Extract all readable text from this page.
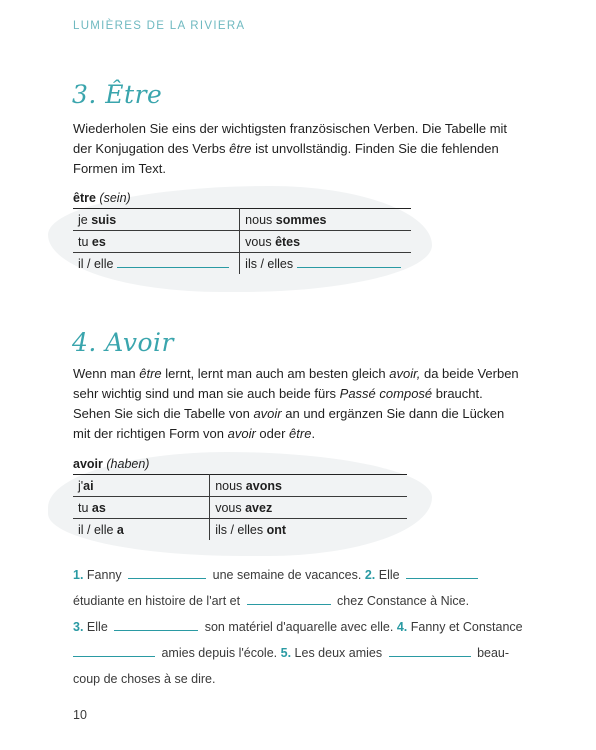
LUMIÈRES DE LA RIVIERA
3. Être
Wiederholen Sie eins der wichtigsten französischen Verben. Die Tabelle mit
der Konjugation des Verbs être ist unvollständig. Finden Sie die fehlenden
Formen im Text.
être (sein)
je suis	nous sommes
tu es	vous êtes
il / elle	ils / elles
4. Avoir
Wenn man être lernt, lernt man auch am besten gleich avoir, da beide Verben
sehr wichtig sind und man sie auch beide fürs Passé composé braucht.
Sehen Sie sich die Tabelle von avoir an und ergänzen Sie dann die Lücken
mit der richtigen Form von avoir oder être.
avoir (haben)
j'ai	nous avons
tu as	vous avez
il / elle a	ils / elles ont
1. Fanny	une semaine de vacances. 2. Elle
étudiante en histoire de l'art et	chez Constance à Nice.
3. Elle	son matériel d'aquarelle avec elle. 4. Fanny et Constance
amies depuis l'école. 5. Les deux amies	beau-
coup de choses à se dire.
10
